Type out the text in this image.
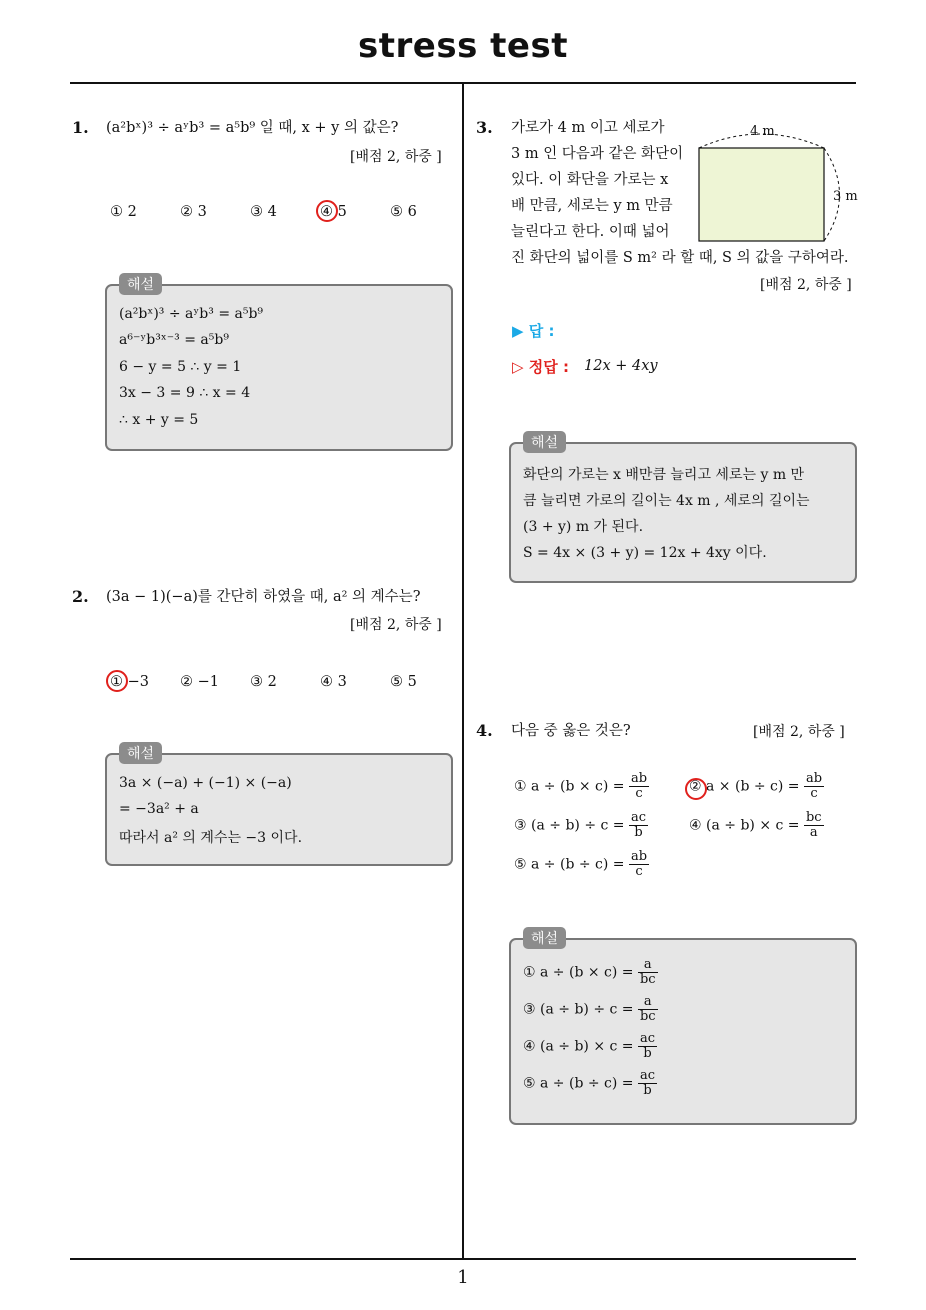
stress test
1
1. (a²bˣ)³ ÷ aʸb³ = a⁵b⁹ 일 때, x + y 의 값은?
[배점 2, 하중 ]
① 2	② 3	③ 4	④ 5	⑤ 6
(a²bˣ)³ ÷ aʸb³ = a⁵b⁹
a⁶⁻ʸb³ˣ⁻³ = a⁵b⁹
6 − y = 5 ∴ y = 1
3x − 3 = 9 ∴ x = 4
∴ x + y = 5
해설
2. (3a − 1)(−a)를 간단히 하였을 때, a² 의 계수는?
[배점 2, 하중 ]
① −3 ② −1 ③ 2	④ 3	⑤ 5
3a × (−a) + (−1) × (−a)
= −3a² + a
따라서 a² 의 계수는 −3 이다.
해설
3. 가로가 4 m 이고 세로가
3 m 인 다음과 같은 화단이
있다. 이 화단을 가로는 x
배 만큼, 세로는 y m 만큼
늘린다고 한다. 이때 넓어
진 화단의 넓이를 S m² 라 할 때, S 의 값을 구하여라.
[배점 2, 하중 ]
4 m
3 m
▶ 답 :
▷ 정답 : 12x + 4xy
화단의 가로는 x 배만큼 늘리고 세로는 y m 만
큼 늘리면 가로의 길이는 4x m , 세로의 길이는
(3 + y) m 가 된다.
S = 4x × (3 + y) = 12x + 4xy 이다.
해설
4. 다음 중 옳은 것은?	[배점 2, 하중 ]
① $a \div (b \times c) = \frac{ab}{c}$	② $a \times (b \div c) = \frac{ab}{c}$
③ $(a \div b) \div c = \frac{ac}{b}$	④ $(a \div b) \times c = \frac{bc}{a}$
⑤ $a \div (b \div c) = \frac{ab}{c}$
① $a \div (b \times c) = \frac{a}{bc}$
③ $(a \div b) \div c = \frac{a}{bc}$
④ $(a \div b) \times c = \frac{ac}{b}$
⑤ $a \div (b \div c) = \frac{ac}{b}$
해설
